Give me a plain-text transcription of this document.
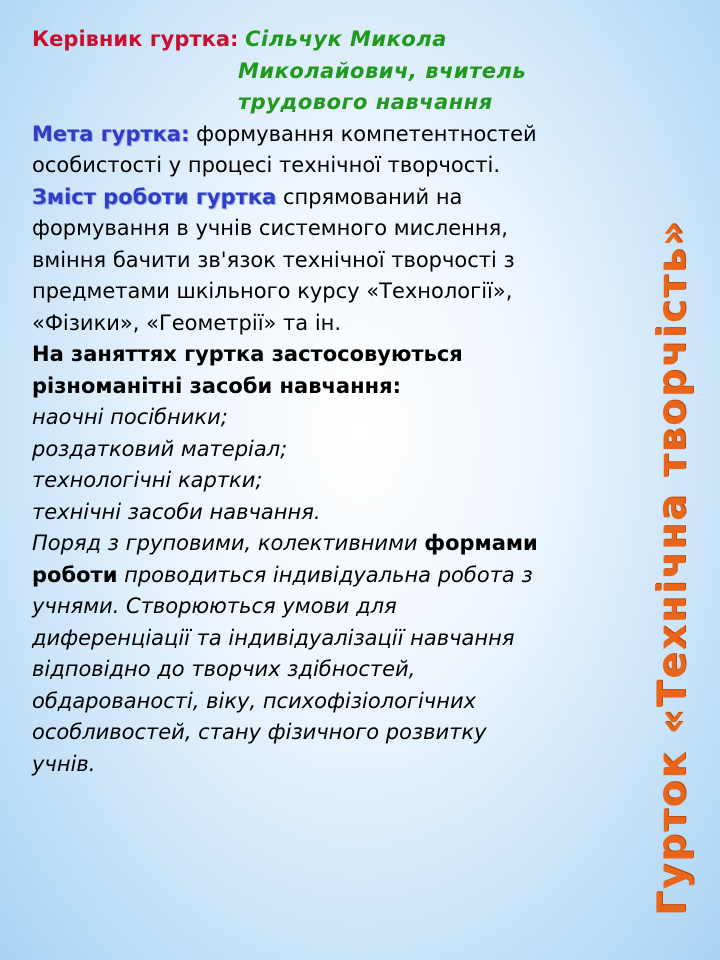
Керівник гуртка: Сільчук Микола
Миколайович, вчитель
трудового навчання
Мета гуртка: формування компетентностей
особистості у процесі технічної творчості.
Зміст роботи гуртка спрямований на
формування в учнів системного мислення,
вміння бачити зв'язок технічної творчості з
предметами шкільного курсу «Технології»,
«Фізики», «Геометрії» та ін.
На заняттях гуртка застосовуються
різноманітні засоби навчання:
наочні посібники;
роздатковий матеріал;
технологічні картки;
технічні засоби навчання.
Поряд з груповими, колективними формами
роботи проводиться індивідуальна робота з
учнями. Створюються умови для
диференціації та індивідуалізації навчання
відповідно до творчих здібностей,
обдарованості, віку, психофізіологічних
особливостей, стану фізичного розвитку
учнів.	Гурток «Технічна творчість»
